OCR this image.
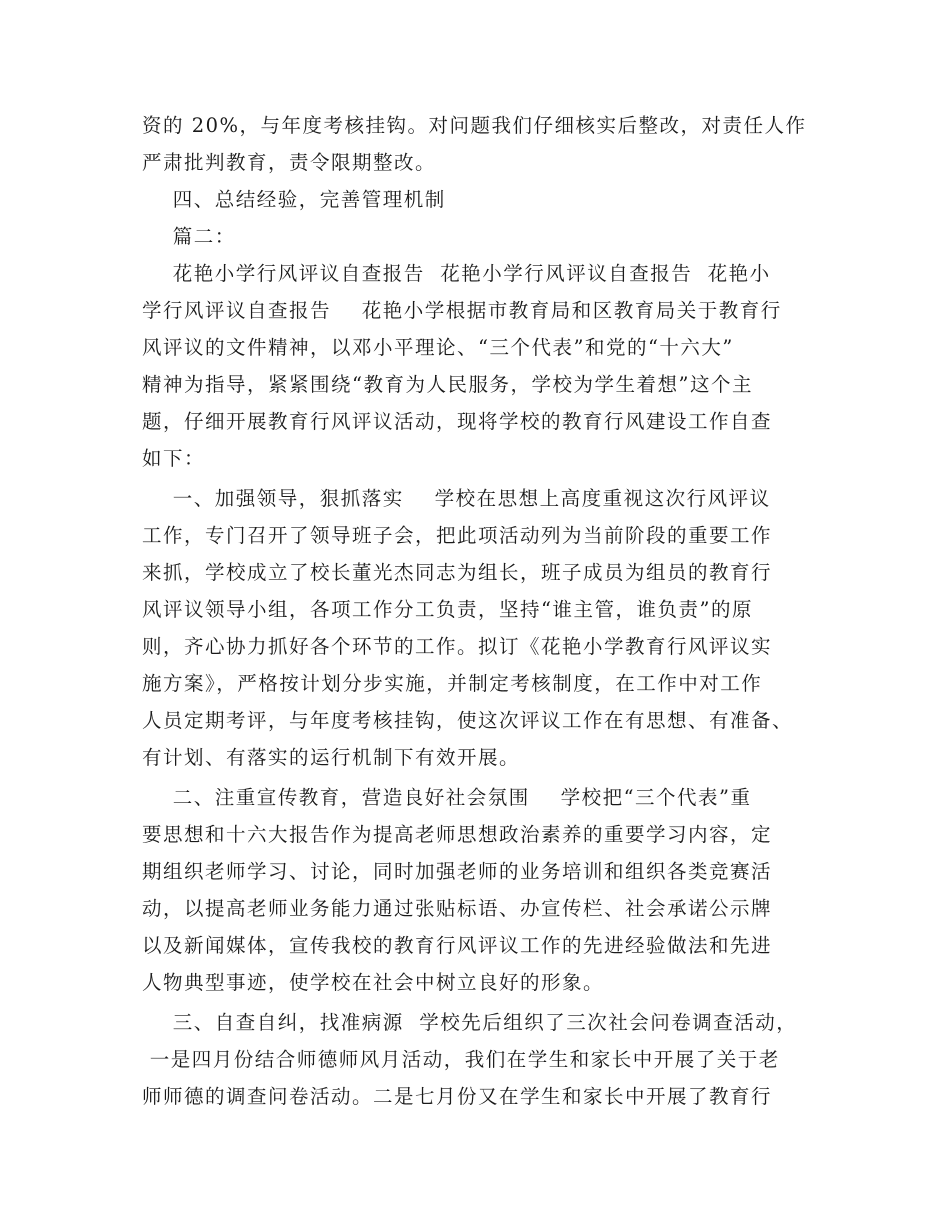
资的 20%，与年度考核挂钩。对问题我们仔细核实后整改，对责任人作
严肃批判教育，责令限期整改。
四、总结经验，完善管理机制
篇二：
花艳小学行风评议自查报告  花艳小学行风评议自查报告  花艳小
学行风评议自查报告    花艳小学根据市教育局和区教育局关于教育行
风评议的文件精神，以邓小平理论、“三个代表”和党的“十六大”
精神为指导，紧紧围绕“教育为人民服务，学校为学生着想”这个主
题，仔细开展教育行风评议活动，现将学校的教育行风建设工作自查
如下：
一、加强领导，狠抓落实    学校在思想上高度重视这次行风评议
工作，专门召开了领导班子会，把此项活动列为当前阶段的重要工作
来抓，学校成立了校长董光杰同志为组长，班子成员为组员的教育行
风评议领导小组，各项工作分工负责，坚持“谁主管，谁负责”的原
则，齐心协力抓好各个环节的工作。拟订《花艳小学教育行风评议实
施方案》，严格按计划分步实施，并制定考核制度，在工作中对工作
人员定期考评，与年度考核挂钩，使这次评议工作在有思想、有准备、
有计划、有落实的运行机制下有效开展。
二、注重宣传教育，营造良好社会氛围    学校把“三个代表”重
要思想和十六大报告作为提高老师思想政治素养的重要学习内容，定
期组织老师学习、讨论，同时加强老师的业务培训和组织各类竞赛活
动，以提高老师业务能力通过张贴标语、办宣传栏、社会承诺公示牌
以及新闻媒体，宣传我校的教育行风评议工作的先进经验做法和先进
人物典型事迹，使学校在社会中树立良好的形象。
三、自查自纠，找准病源  学校先后组织了三次社会问卷调查活动，
一是四月份结合师德师风月活动，我们在学生和家长中开展了关于老
师师德的调查问卷活动。二是七月份又在学生和家长中开展了教育行
